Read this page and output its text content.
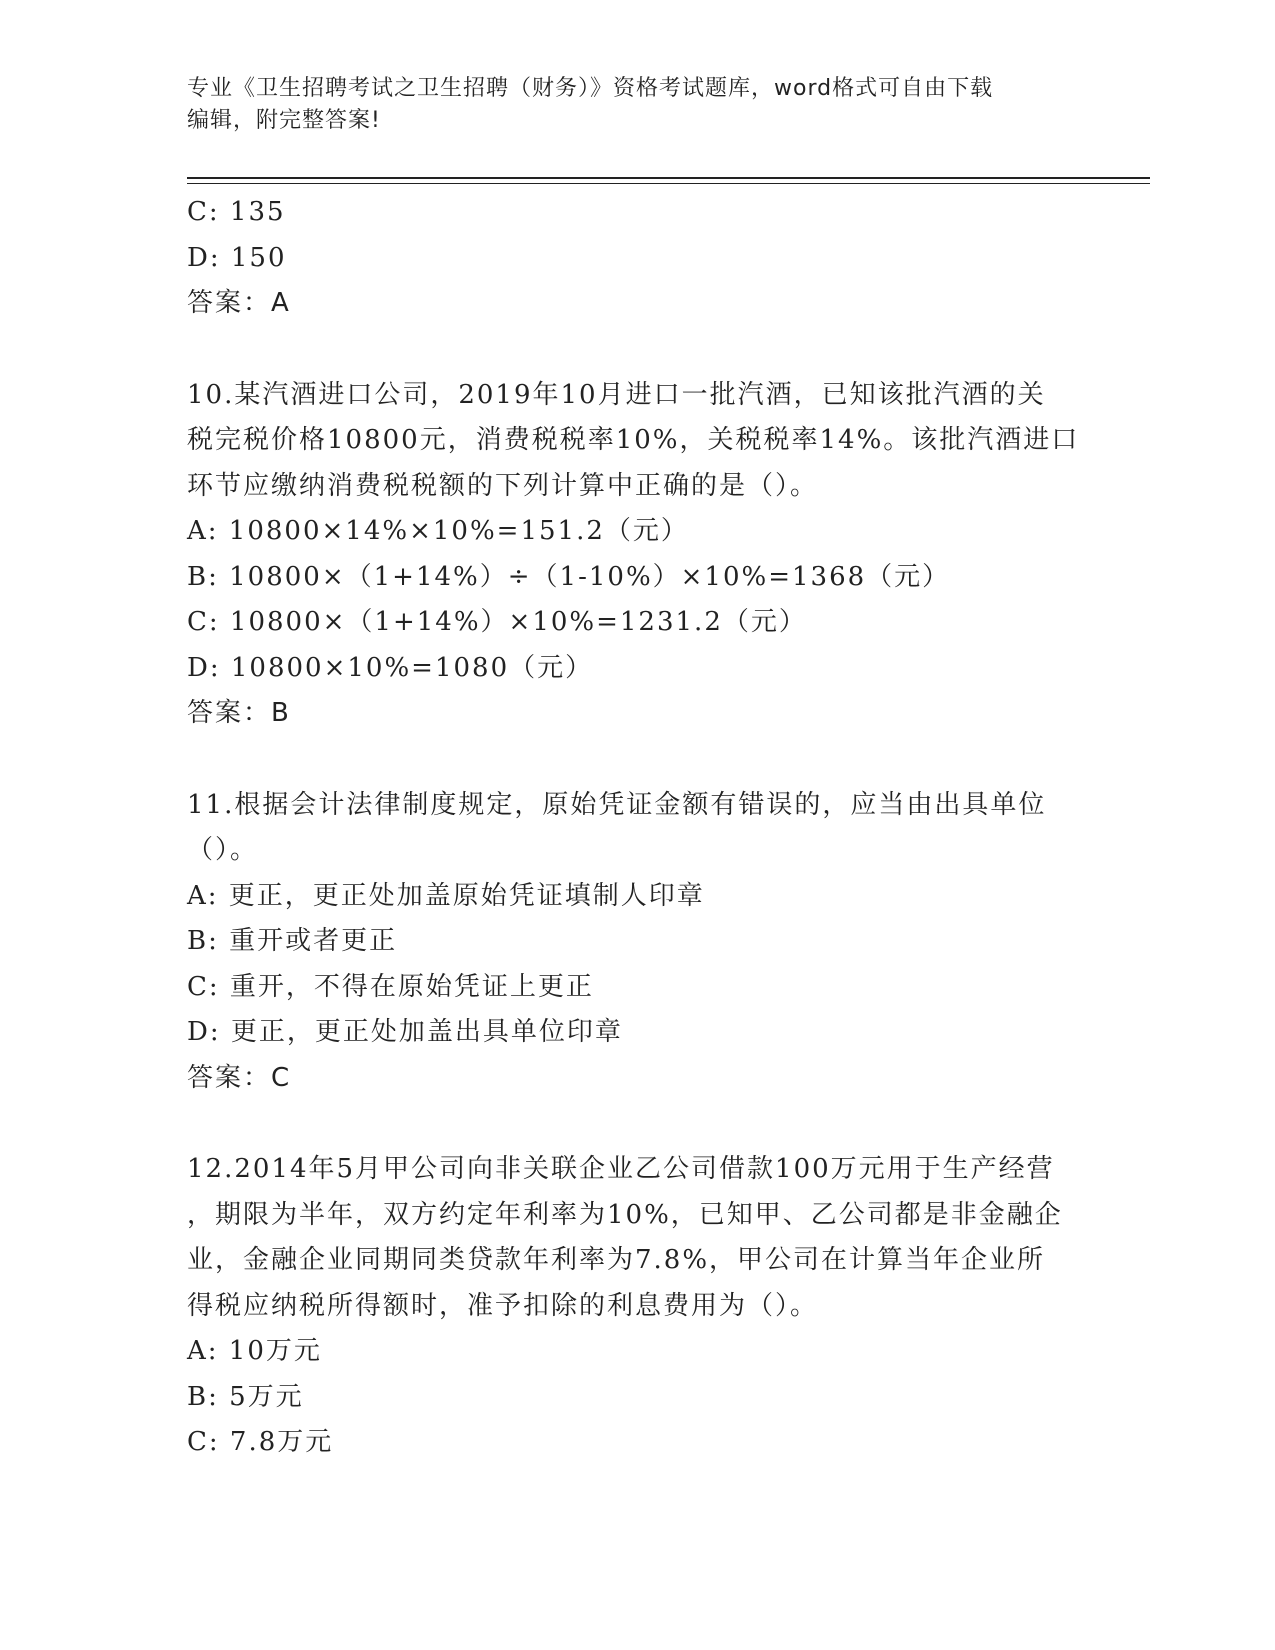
专业《卫生招聘考试之卫生招聘（财务）》资格考试题库，word格式可自由下载
编辑，附完整答案!
C: 135
D: 150
答案：A
10.某汽酒进口公司，2019年10月进口一批汽酒，已知该批汽酒的关
税完税价格10800元，消费税税率10%，关税税率14%。该批汽酒进口
环节应缴纳消费税税额的下列计算中正确的是（）。
A: 10800×14%×10%=151.2（元）
B: 10800×（1+14%）÷（1-10%）×10%=1368（元）
C: 10800×（1+14%）×10%=1231.2（元）
D: 10800×10%=1080（元）
答案：B
11.根据会计法律制度规定，原始凭证金额有错误的，应当由出具单位
（）。
A: 更正，更正处加盖原始凭证填制人印章
B: 重开或者更正
C: 重开，不得在原始凭证上更正
D: 更正，更正处加盖出具单位印章
答案：C
12.2014年5月甲公司向非关联企业乙公司借款100万元用于生产经营
，期限为半年，双方约定年利率为10%，已知甲、乙公司都是非金融企
业，金融企业同期同类贷款年利率为7.8%，甲公司在计算当年企业所
得税应纳税所得额时，准予扣除的利息费用为（）。
A: 10万元
B: 5万元
C: 7.8万元
